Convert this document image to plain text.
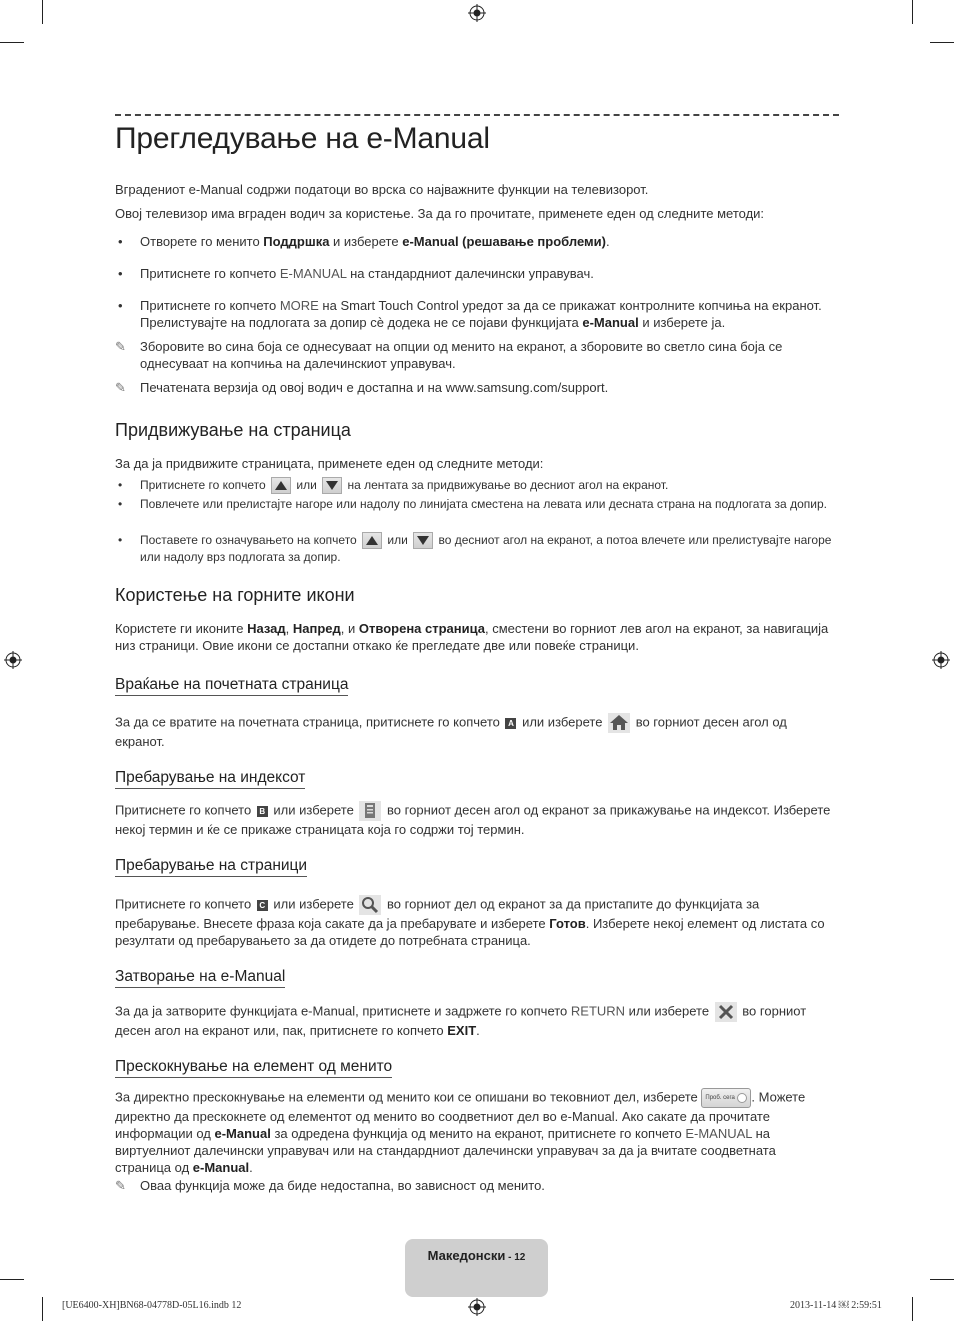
Прегледување на e-Manual
Вградениот e-Manual содржи податоци во врска со најважните функции на телевизорот.
Овој телевизор има вграден водич за користење. За да го прочитате, применете еден од следните методи:
• Отворете го менито Поддршка и изберете e-Manual (решавање проблеми).
• Притиснете го копчето E-MANUAL на стандардниот далечински управувач.
• Притиснете го копчето MORE на Smart Touch Control уредот за да се прикажат контролните копчиња на екранот. Прелистувајте на подлогата за допир сѐ додека не се појави функцијата e-Manual и изберете ја.
✎ Зборовите во сина боја се однесуваат на опции од менито на екранот, а зборовите во светло сина боја се однесуваат на копчиња на далечинскиот управувач.
✎ Печатената верзија од овој водич е достапна и на www.samsung.com/support.
Придвижување на страница
За да ја придвижите страницата, применете еден од следните методи:
• Притиснете го копчето
или
на лентата за придвижување во десниот агол на екранот.
• Повлечете или прелистајте нагоре или надолу по линијата сместена на левата или десната страна на подлогата за допир.
• Поставете го означувањето на копчето
или
во десниот агол на екранот, а потоа влечете или прелистувајте нагоре или надолу врз подлогата за допир.
Користење на горните икони
Користете ги иконите Назад, Напред, и Отворена страница, сместени во горниот лев агол на екранот, за навигација низ страници. Овие икони се достапни откако ќе прегледате две или повеќе страници.
Враќање на почетната страница
За да се вратите на почетната страница, притиснете го копчето A или изберете  во горниот десен агол од екранот.
Пребарување на индексот
Притиснете го копчето B или изберете  во горниот десен агол од екранот за прикажување на индексот. Изберете некој термин и ќе се прикаже страницата која го содржи тој термин.
Пребарување на страници
Притиснете го копчето C или изберете  во горниот дел од екранот за да пристапите до функцијата за пребарување. Внесете фраза која сакате да ја пребарувате и изберете Готов. Изберете некој елемент од листата со резултати од пребарувањето за да отидете до потребната страница.
Затворање на e-Manual
За да ја затворите функцијата e-Manual, притиснете и задржете го копчето RETURN или изберете  во горниот десен агол на екранот или, пак, притиснете го копчето EXIT.
Прескокнување на елемент од менито
За директно прескокнување на елементи од менито кои се опишани во тековниот дел, изберете Проб. сега . Можете директно да прескокнете од елементот од менито во соодветниот дел во e-Manual. Ако сакате да прочитате информации од e-Manual за одредена функција од менито на екранот, притиснете го копчето E-MANUAL на виртуелниот далечински управувач или на стандардниот далечински управувач за да ја вчитате соодветната страница од e-Manual.
✎ Оваа функција може да биде недостапна, во зависност од менито.
Македонски - 12
[UE6400-XH]BN68-04778D-05L16.indb 12	2013-11-14 ￼ 2:59:51
